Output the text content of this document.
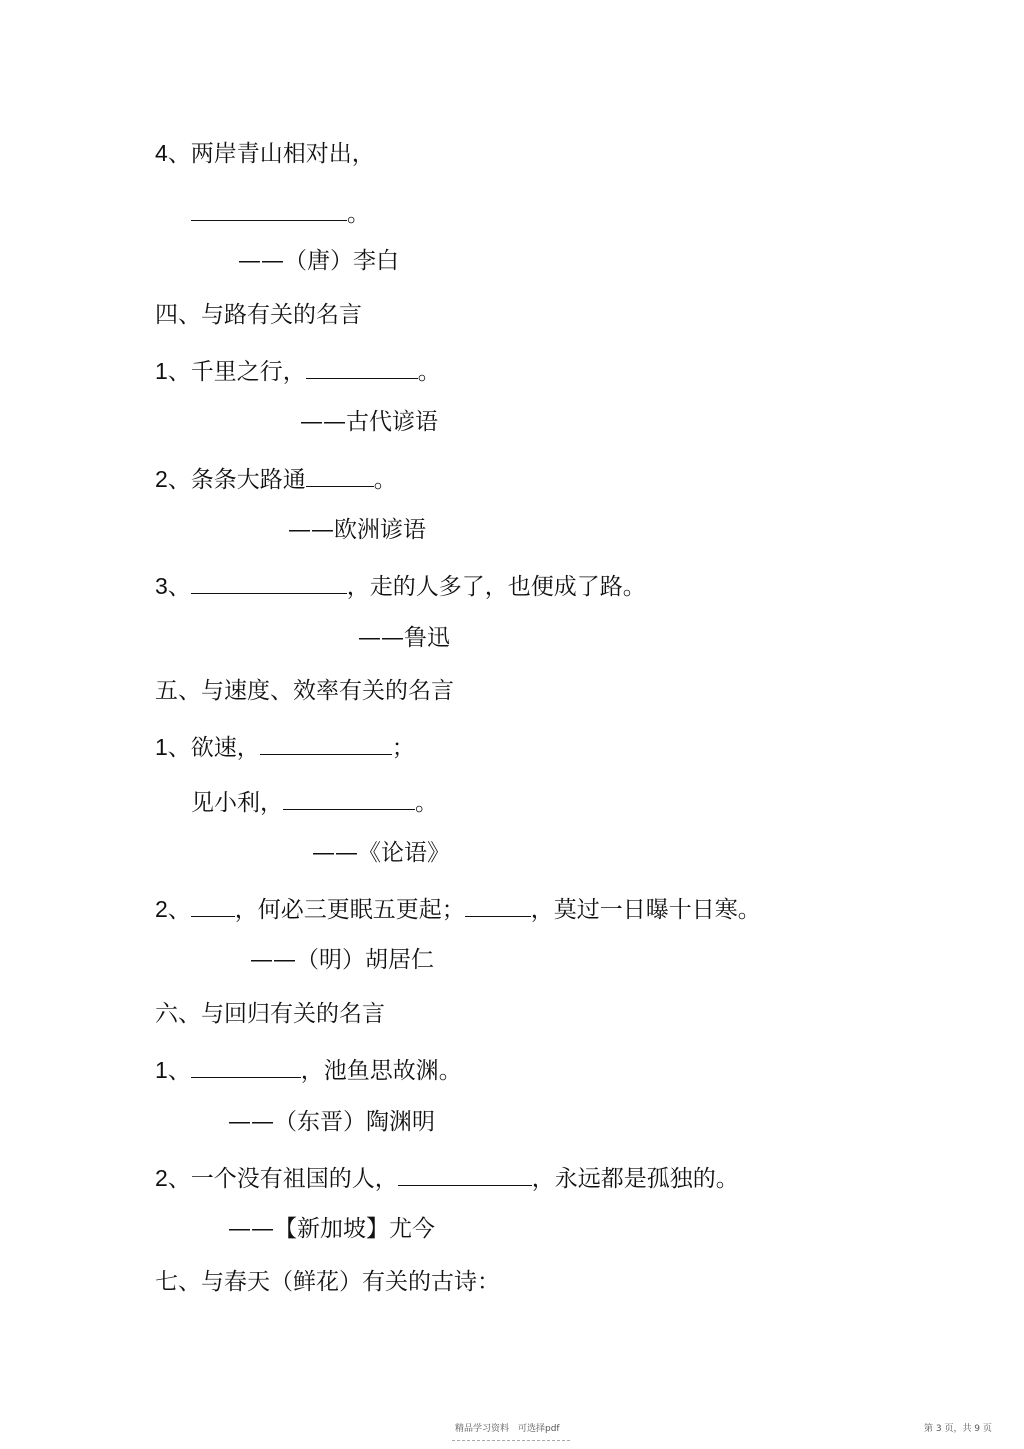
4、两岸青山相对出，
。
——（唐）李白
四、与路有关的名言
1、千里之行，	。
——古代谚语
2、条条大路通	。
——欧洲谚语
3、	，走的人多了，也便成了路。
——鲁迅
五、与速度、效率有关的名言
1、欲速，	；
见小利，	。
——《论语》
2、 ，何必三更眠五更起；	，莫过一日曝十日寒。
——（明）胡居仁
六、与回归有关的名言
1、	，池鱼思故渊。
——（东晋）陶渊明
2、一个没有祖国的人，	，永远都是孤独的。
——【新加坡】尤今
七、与春天（鲜花）有关的古诗：
精品学习资料　可选择pdf	第 3 页，共 9 页
